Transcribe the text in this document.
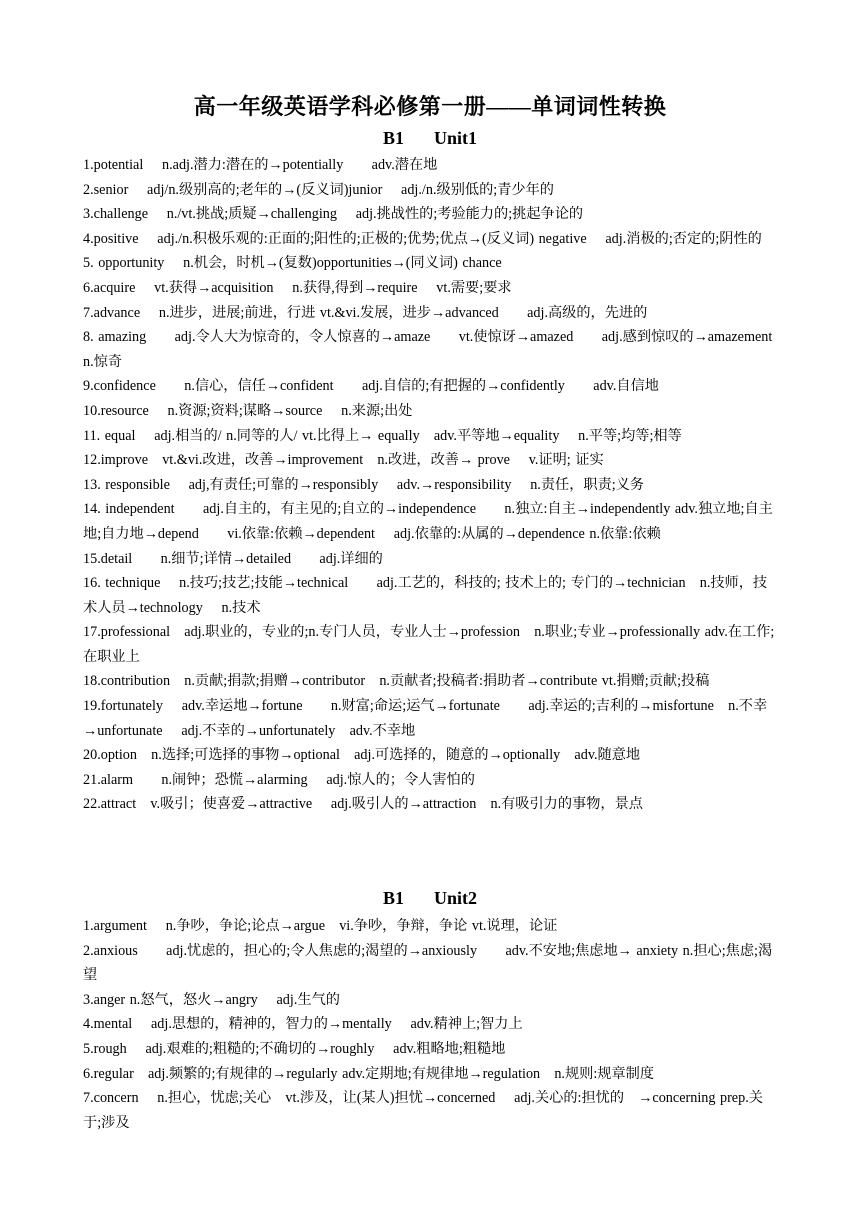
高一年级英语学科必修第一册——单词词性转换
B1 Unit1

1.potential　 n.adj.潜力:潜在的→potentially　　adv.潜在地

2.senior　 adj/n.级别高的;老年的→(反义词)junior　 adj./n.级别低的;青少年的

3.challenge　 n./vt.挑战;质疑→challenging　 adj.挑战性的;考验能力的;挑起争论的

4.positive　 adj./n.积极乐观的:正面的;阳性的;正极的;优势;优点→(反义词) negative　 adj.消极的;否定的;阴性的

5. opportunity　 n.机会，时机→(复数)opportunities→(同义词) chance

6.acquire　 vt.获得→acquisition　 n.获得,得到→require　 vt.需要;要求

7.advance　 n.进步，进展;前进，行进 vt.&vi.发展，进步→advanced　　adj.高级的，先进的

8. amazing　　adj.令人大为惊奇的，令人惊喜的→amaze　　vt.使惊讶→amazed　　adj.感到惊叹的→amazement　　n.惊奇

9.confidence　　n.信心，信任→confident　　adj.自信的;有把握的→confidently　　adv.自信地

10.resource　 n.资源;资料;谋略→source　 n.来源;出处

11. equal　 adj.相当的/ n.同等的人/ vt.比得上→ equally　adv.平等地→equality　 n.平等;均等;相等

12.improve　vt.&vi.改进，改善→improvement　n.改进，改善→ prove　 v.证明; 证实

13. responsible　 adj,有责任;可靠的→responsibly　 adv.→responsibility　 n.责任，职责;义务

14. independent　　adj.自主的，有主见的;自立的→independence　　n.独立:自主→independently adv.独立地;自主地;自力地→depend　　vi.依靠:依赖→dependent　 adj.依靠的:从属的→dependence n.依靠:依赖

15.detail　　n.细节;详情→detailed　　adj.详细的

16. technique　 n.技巧;技艺;技能→technical　　adj.工艺的，科技的; 技术上的; 专门的→technician　n.技师，技术人员→technology　 n.技术

17.professional　adj.职业的，专业的;n.专门人员，专业人士→profession　n.职业;专业→professionally adv.在工作;在职业上

18.contribution　n.贡献;捐款;捐赠→contributor　n.贡献者;投稿者:捐助者→contribute vt.捐赠;贡献;投稿

19.fortunately　 adv.幸运地→fortune　　n.财富;命运;运气→fortunate　　adj.幸运的;吉利的→misfortune　n.不幸→unfortunate　 adj.不幸的→unfortunately　adv.不幸地

20.option　n.选择;可选择的事物→optional　adj.可选择的，随意的→optionally　adv.随意地

21.alarm　　n.闹钟；恐慌→alarming　 adj.惊人的；令人害怕的

22.attract　v.吸引；使喜爱→attractive　 adj.吸引人的→attraction　n.有吸引力的事物，景点

B1 Unit2

1.argument　 n.争吵，争论;论点→argue　vi.争吵，争辩，争论 vt.说理，论证

2.anxious　　adj.忧虑的，担心的;令人焦虑的;渴望的→anxiously　　adv.不安地;焦虑地→ anxiety n.担心;焦虑;渴望

3.anger n.怒气，怒火→angry　 adj.生气的

4.mental　 adj.思想的，精神的，智力的→mentally　 adv.精神上;智力上

5.rough　 adj.艰难的;粗糙的;不确切的→roughly　 adv.粗略地;粗糙地

6.regular　adj.频繁的;有规律的→regularly adv.定期地;有规律地→regulation　n.规则:规章制度

7.concern　 n.担心，忧虑;关心　vt.涉及，让(某人)担忧→concerned　 adj.关心的:担忧的　→concerning prep.关于;涉及
